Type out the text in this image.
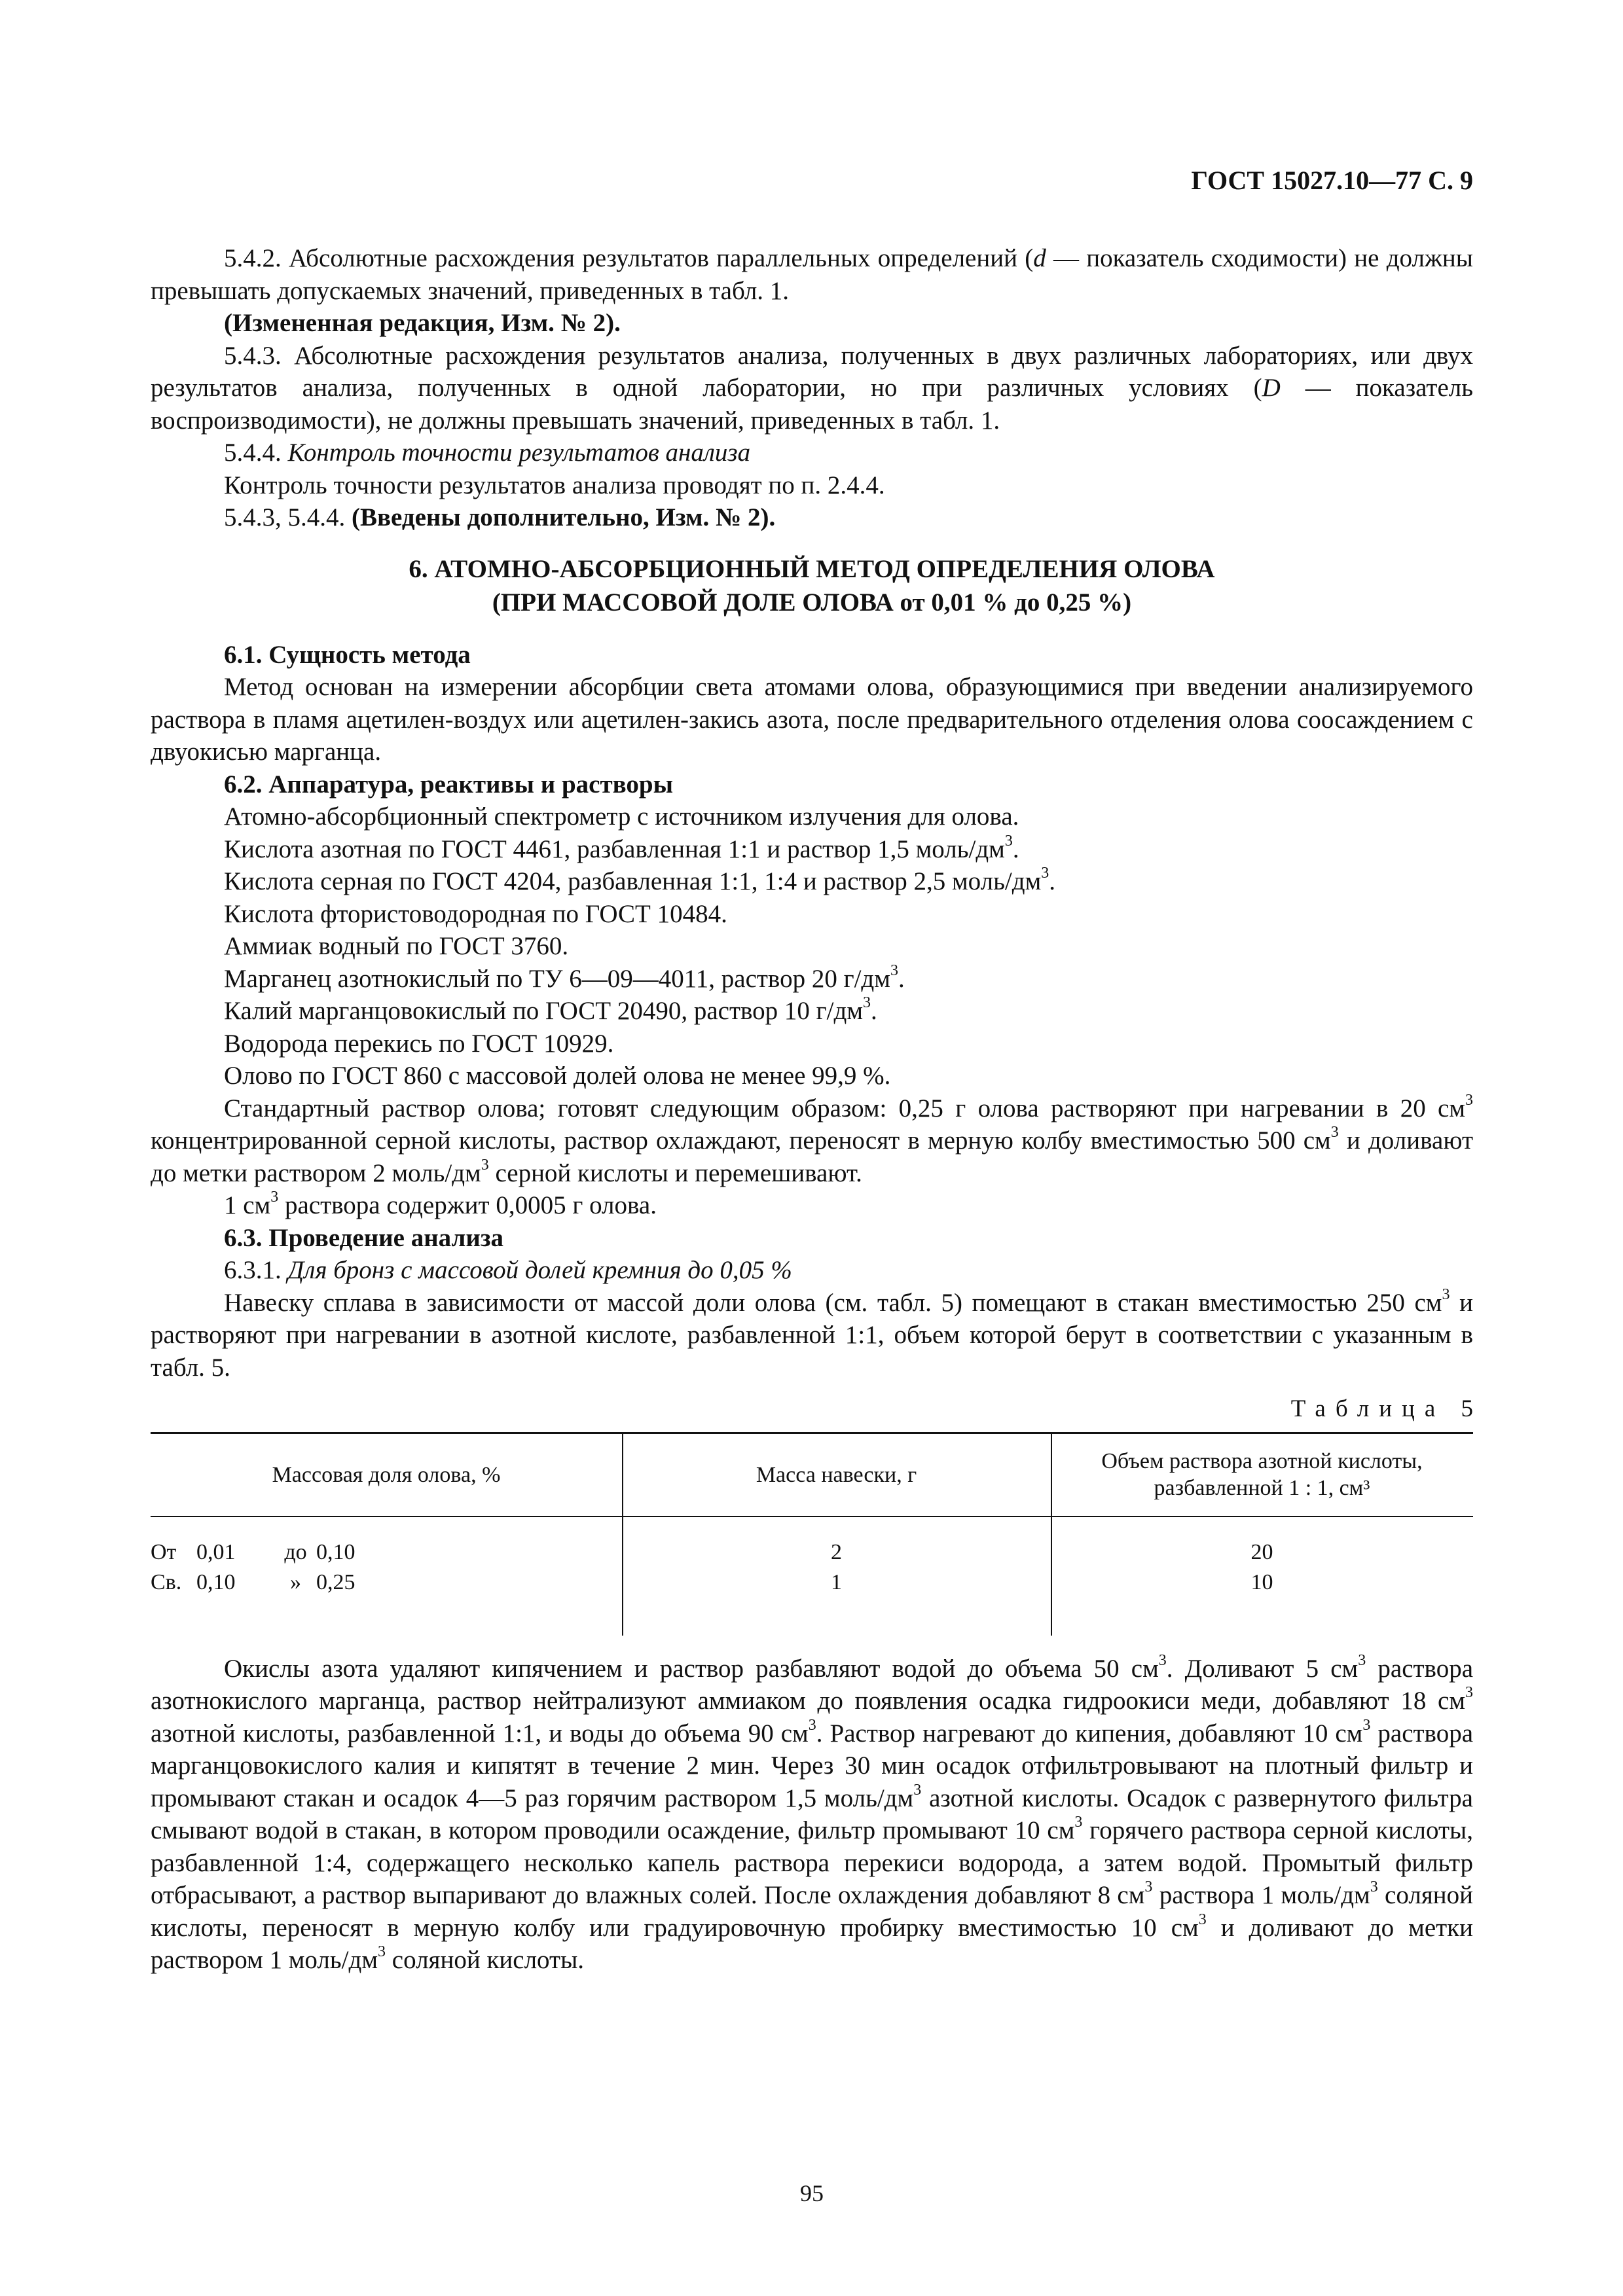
ГОСТ 15027.10—77 С. 9

5.4.2. Абсолютные расхождения результатов параллельных определений (d — показатель сходимости) не должны превышать допускаемых значений, приведенных в табл. 1.

(Измененная редакция, Изм. № 2).

5.4.3. Абсолютные расхождения результатов анализа, полученных в двух различных лабораториях, или двух результатов анализа, полученных в одной лаборатории, но при различных условиях (D — показатель воспроизводимости), не должны превышать значений, приведенных в табл. 1.

5.4.4. Контроль точности результатов анализа

Контроль точности результатов анализа проводят по п. 2.4.4.

5.4.3, 5.4.4. (Введены дополнительно, Изм. № 2).

6. АТОМНО-АБСОРБЦИОННЫЙ МЕТОД ОПРЕДЕЛЕНИЯ ОЛОВА
(ПРИ МАССОВОЙ ДОЛЕ ОЛОВА от 0,01 % до 0,25 %)

6.1. Сущность метода

Метод основан на измерении абсорбции света атомами олова, образующимися при введении анализируемого раствора в пламя ацетилен-воздух или ацетилен-закись азота, после предварительного отделения олова соосаждением с двуокисью марганца.

6.2. Аппаратура, реактивы и растворы

Атомно-абсорбционный спектрометр с источником излучения для олова.

Кислота азотная по ГОСТ 4461, разбавленная 1:1 и раствор 1,5 моль/$дм^3$.

Кислота серная по ГОСТ 4204, разбавленная 1:1, 1:4 и раствор 2,5 моль/$дм^3$.

Кислота фтористоводородная по ГОСТ 10484.

Аммиак водный по ГОСТ 3760.

Марганец азотнокислый по ТУ 6—09—4011, раствор 20 $г/дм^3$.

Калий марганцовокислый по ГОСТ 20490, раствор 10 $г/дм^3$.

Водорода перекись по ГОСТ 10929.

Олово по ГОСТ 860 с массовой долей олова не менее 99,9 %.

Стандартный раствор олова; готовят следующим образом: 0,25 г олова растворяют при нагревании в 20 $см^3$ концентрированной серной кислоты, раствор охлаждают, переносят в мерную колбу вместимостью 500 $см^3$ и доливают до метки раствором 2 моль/$дм^3$ серной кислоты и перемешивают.

1 $см^3$ раствора содержит 0,0005 г олова.

6.3. Проведение анализа

6.3.1. Для бронз с массовой долей кремния до 0,05 %

Навеску сплава в зависимости от массой доли олова (см. табл. 5) помещают в стакан вместимостью 250 $см^3$ и растворяют при нагревании в азотной кислоте, разбавленной 1:1, объем которой берут в соответствии с указанным в табл. 5.

Таблица 5
Массовая доля олова, %	Масса навески, г
Объем раствора азотной кислоты, разбавленной 1 : 1, см³
От 0,01	до 0,10	2	20
Св. 0,10	» 0,25	1	10

Окислы азота удаляют кипячением и раствор разбавляют водой до объема 50 $см^3$. Доливают 5 $см^3$ раствора азотнокислого марганца, раствор нейтрализуют аммиаком до появления осадка гидроокиси меди, добавляют 18 $см^3$ азотной кислоты, разбавленной 1:1, и воды до объема 90 $см^3$. Раствор нагревают до кипения, добавляют 10 $см^3$ раствора марганцовокислого калия и кипятят в течение 2 мин. Через 30 мин осадок отфильтровывают на плотный фильтр и промывают стакан и осадок 4—5 раз горячим раствором 1,5 моль/$дм^3$ азотной кислоты. Осадок с развернутого фильтра смывают водой в стакан, в котором проводили осаждение, фильтр промывают 10 $см^3$ горячего раствора серной кислоты, разбавленной 1:4, содержащего несколько капель раствора перекиси водорода, а затем водой. Промытый фильтр отбрасывают, а раствор выпаривают до влажных солей. После охлаждения добавляют 8 $см^3$ раствора 1 моль/$дм^3$ соляной кислоты, переносят в мерную колбу или градуировочную пробирку вместимостью 10 $см^3$ и доливают до метки раствором 1 моль/$дм^3$ соляной кислоты.

95
